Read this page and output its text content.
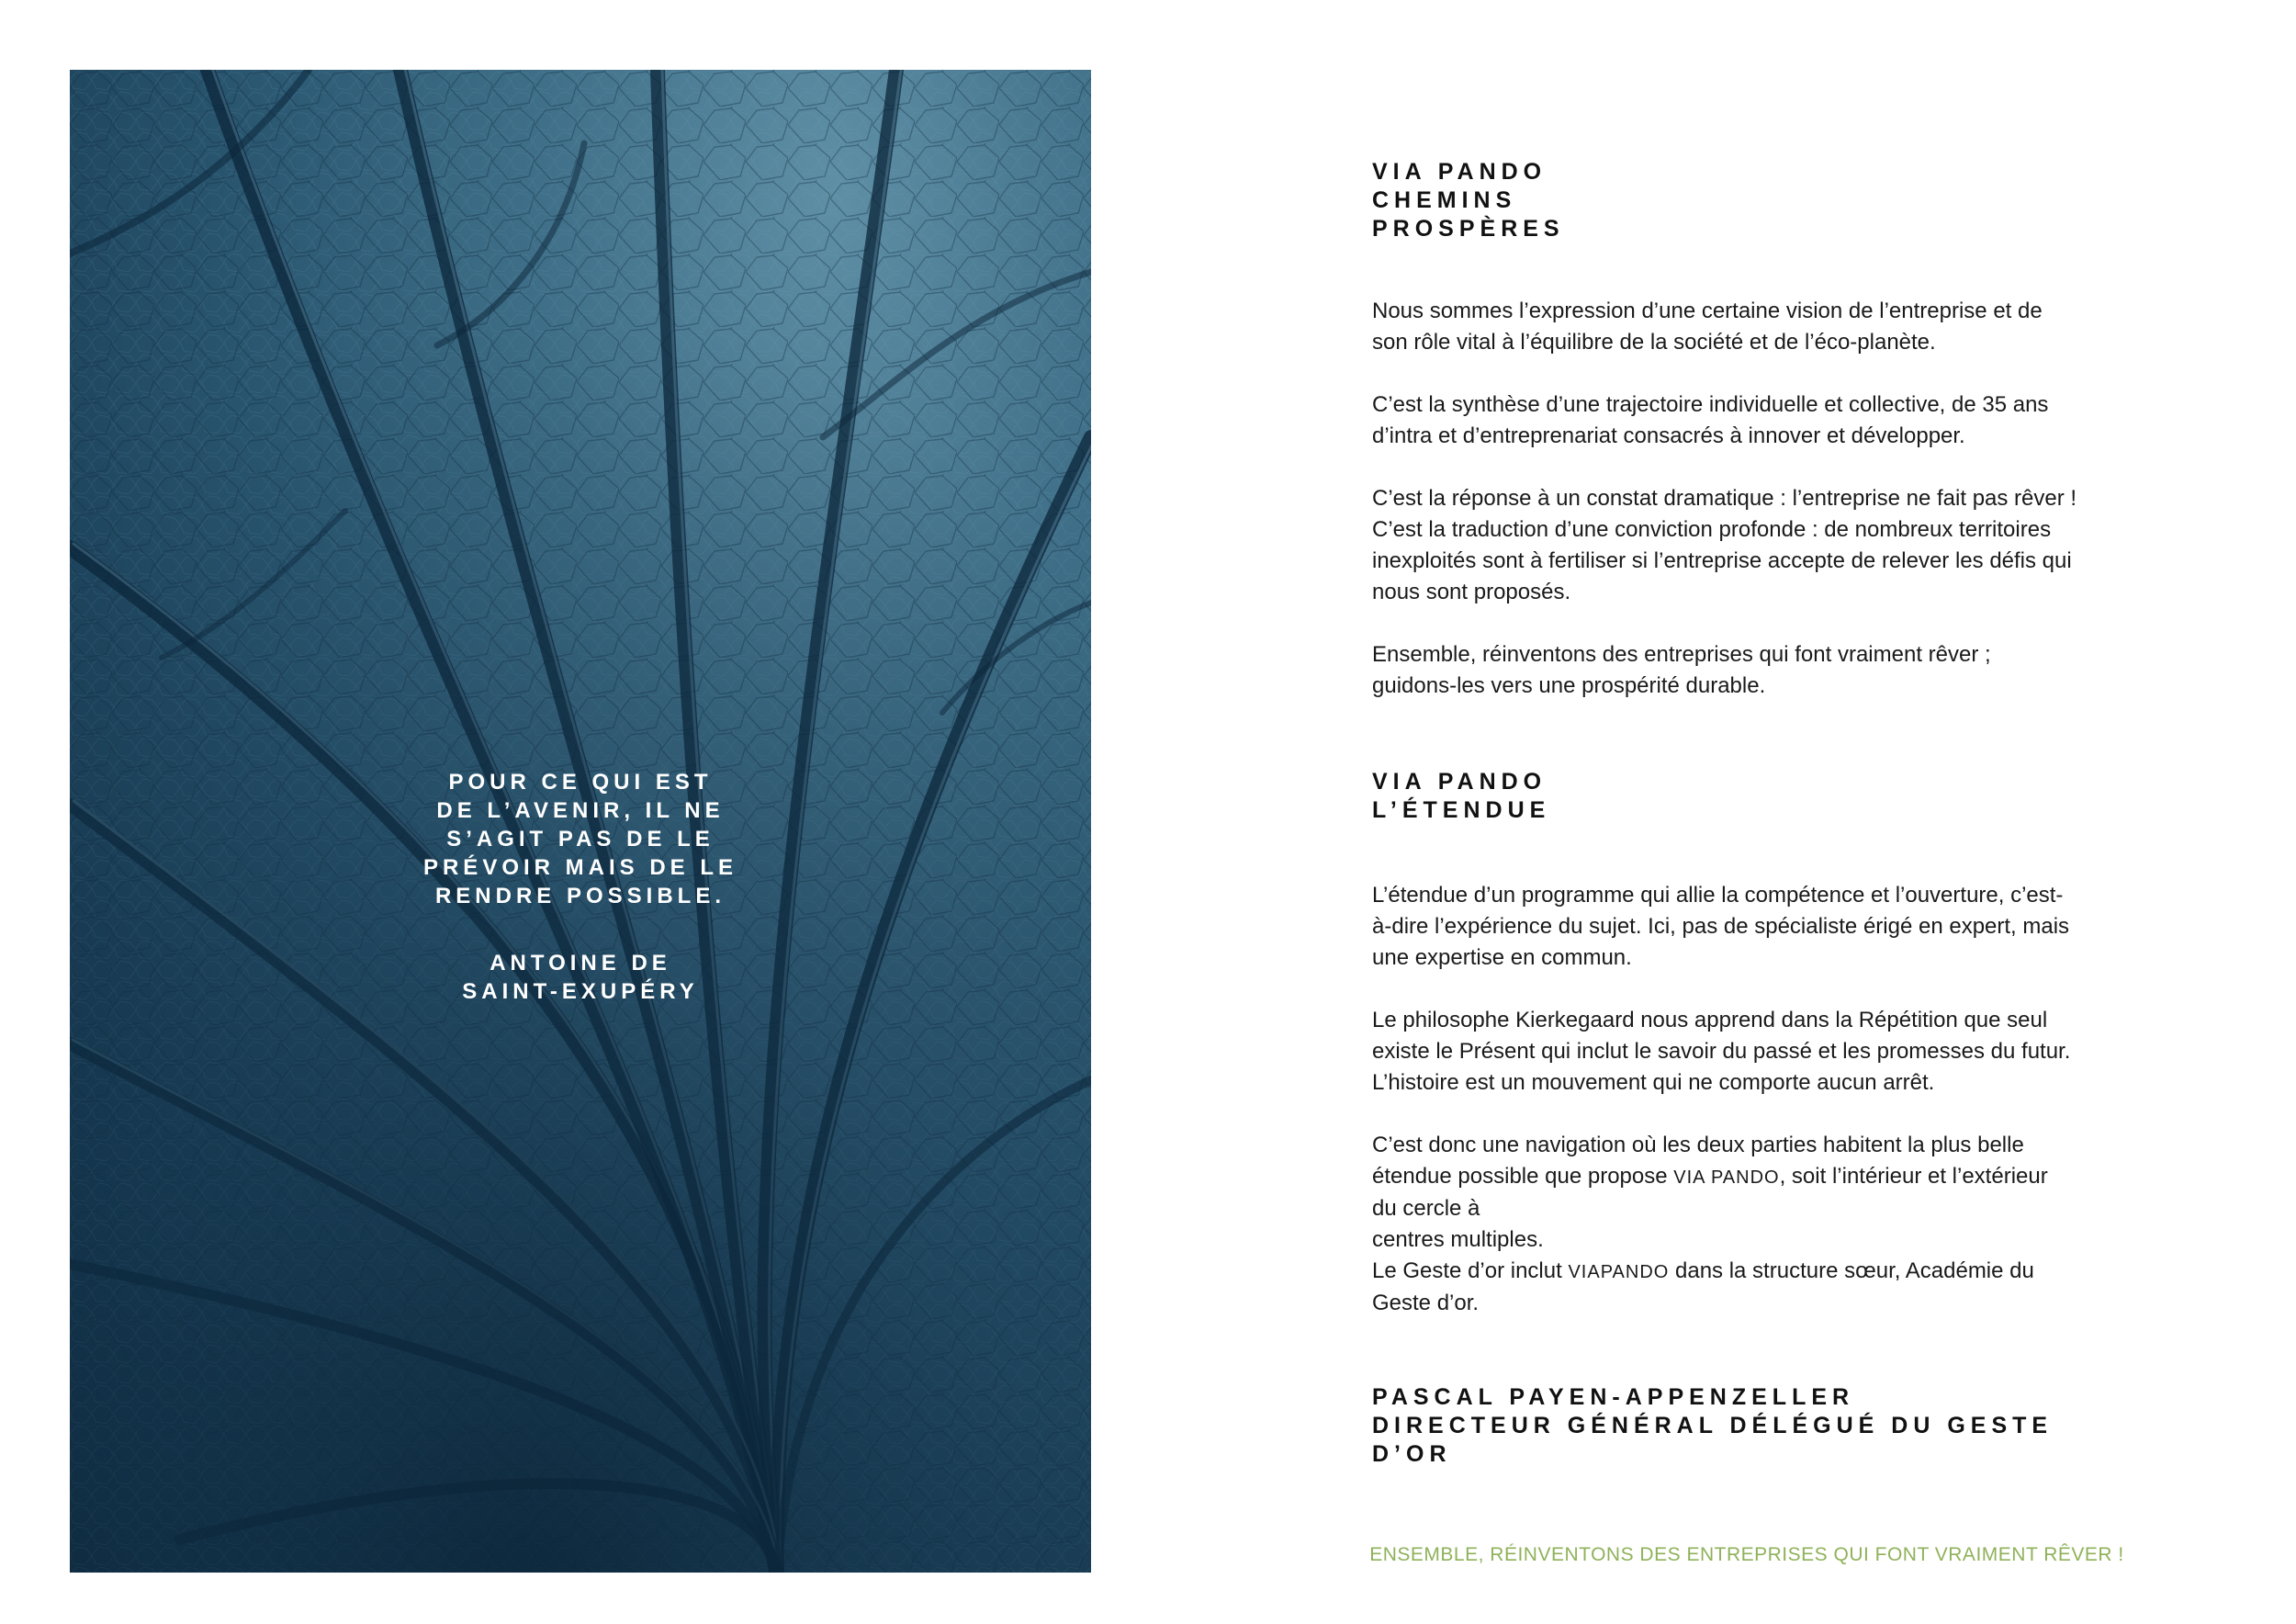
POUR CE QUI EST
DE L’AVENIR, IL NE
S’AGIT PAS DE LE
PRÉVOIR MAIS DE LE
RENDRE POSSIBLE.
ANTOINE DE
SAINT-EXUPÉRY
VIA PANDO
CHEMINS
PROSPÈRES

Nous sommes l’expression d’une certaine vision de l’entreprise et de
son rôle vital à l’équilibre de la société et de l’éco-planète.

C’est la synthèse d’une trajectoire individuelle et collective, de 35 ans
d’intra et d’entreprenariat consacrés à innover et développer.

C’est la réponse à un constat dramatique : l’entreprise ne fait pas rêver !
C’est la traduction d’une conviction profonde : de nombreux territoires
inexploités sont à fertiliser si l’entreprise accepte de relever les défis qui
nous sont proposés.

Ensemble, réinventons des entreprises qui font vraiment rêver ;
guidons-les vers une prospérité durable.

VIA PANDO
L’ÉTENDUE

L’étendue d’un programme qui allie la compétence et l’ouverture, c’est-
à-dire l’expérience du sujet. Ici, pas de spécialiste érigé en expert, mais
une expertise en commun.

Le philosophe Kierkegaard nous apprend dans la Répétition que seul
existe le Présent qui inclut le savoir du passé et les promesses du futur.
L’histoire est un mouvement qui ne comporte aucun arrêt.

C’est donc une navigation où les deux parties habitent la plus belle
étendue possible que propose VIA PANDO, soit l’intérieur et l’extérieur
du cercle à
centres multiples.
Le Geste d’or inclut VIAPANDO dans la structure sœur, Académie du
Geste d’or.

PASCAL PAYEN-APPENZELLER
DIRECTEUR GÉNÉRAL DÉLÉGUÉ DU GESTE D’OR
ENSEMBLE, RÉINVENTONS DES ENTREPRISES QUI FONT VRAIMENT RÊVER !
